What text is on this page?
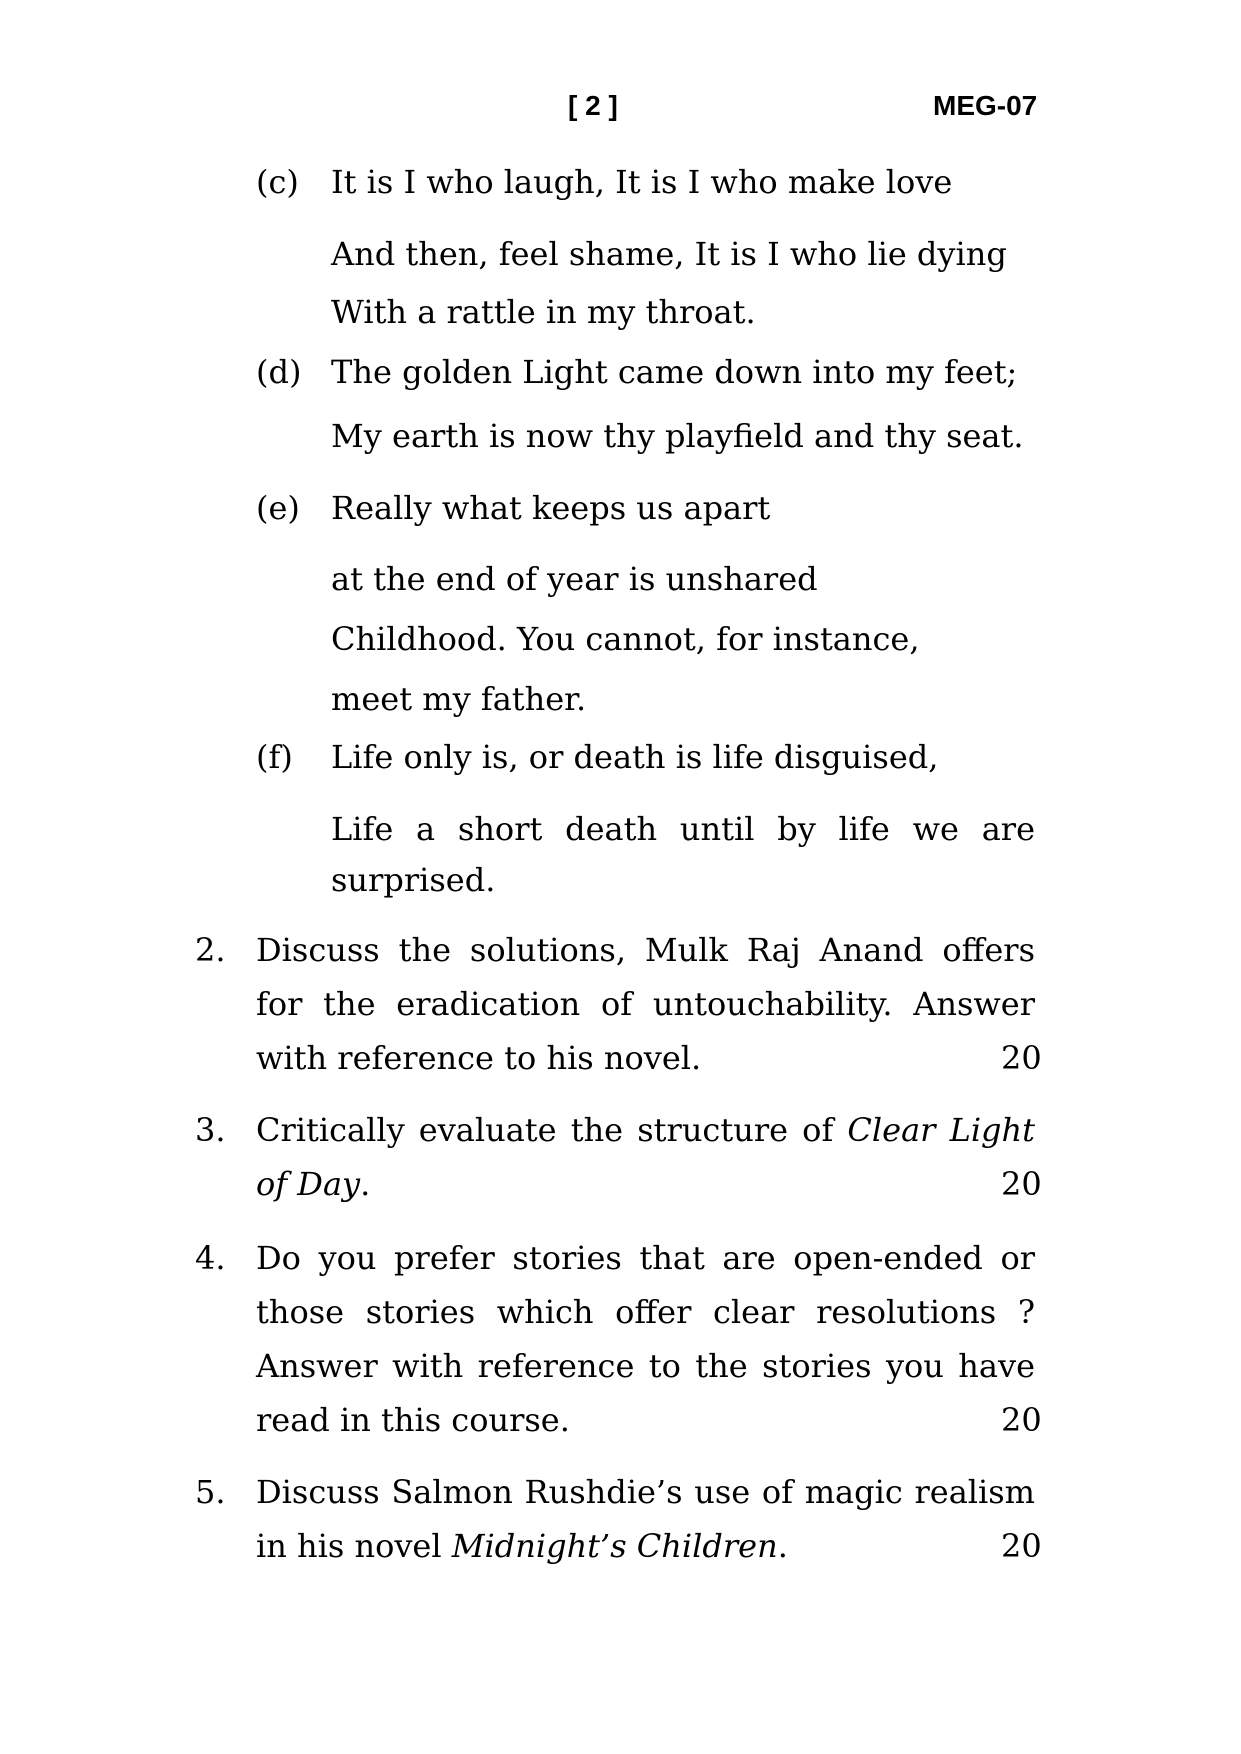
[ 2 ]	MEG-07
(c) It is I who laugh, It is I who make love
And then, feel shame, It is I who lie dying
With a rattle in my throat.
(d) The golden Light came down into my feet;
My earth is now thy playfield and thy seat.
(e) Really what keeps us apart
at the end of year is unshared
Childhood. You cannot, for instance,
meet my father.
(f) Life only is, or death is life disguised,
Life a short death until by life we are
surprised.
2. Discuss the solutions, Mulk Raj Anand offers
for the eradication of untouchability. Answer
with reference to his novel.	20
3. Critically evaluate the structure of Clear Light
of Day.	20
4. Do you prefer stories that are open-ended or
those stories which offer clear resolutions ?
Answer with reference to the stories you have
read in this course.	20
5. Discuss Salmon Rushdie’s use of magic realism
in his novel Midnight’s Children.	20
